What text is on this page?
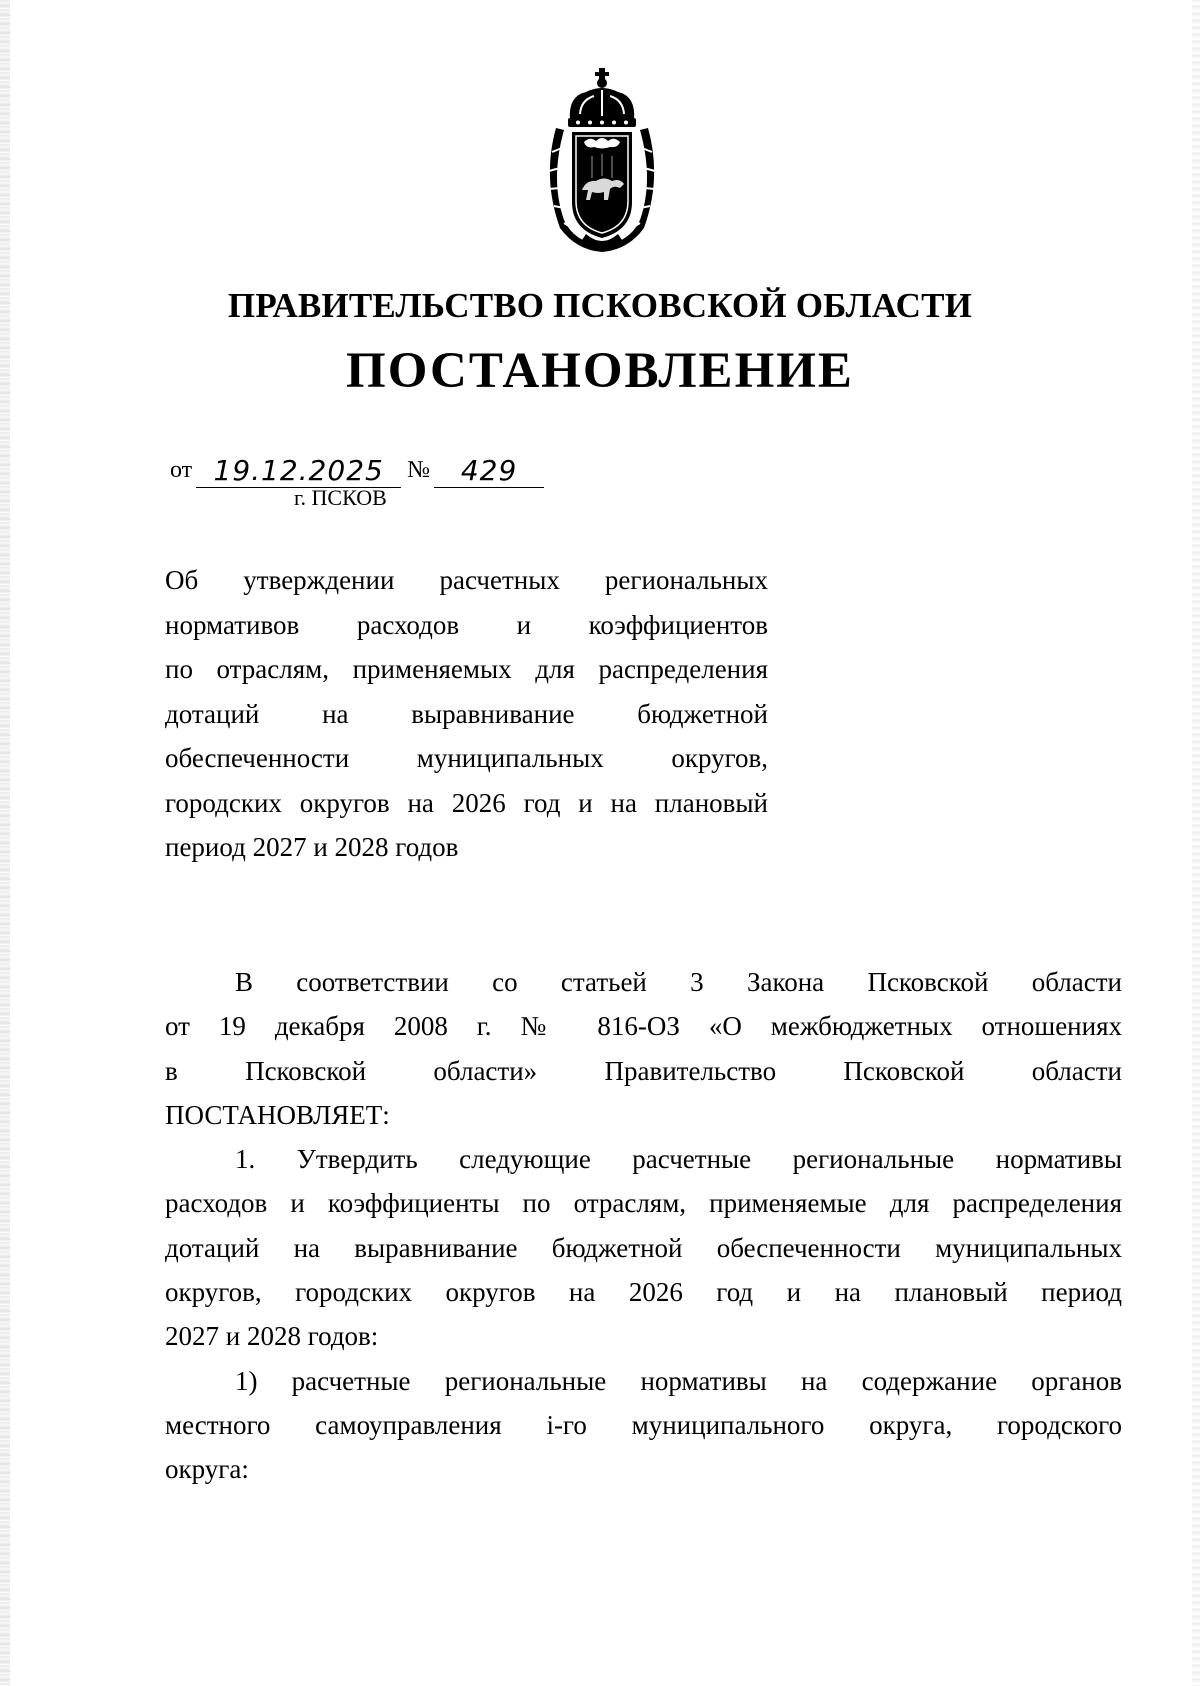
ПРАВИТЕЛЬСТВО ПСКОВСКОЙ ОБЛАСТИ
ПОСТАНОВЛЕНИЕ
от 19.12.2025 № 429
г. ПСКОВ
Об утверждении расчетных региональных
нормативов расходов и коэффициентов
по отраслям, применяемых для распределения
дотаций на выравнивание бюджетной
обеспеченности муниципальных округов,
городских округов на 2026 год и на плановый
период 2027 и 2028 годов
В соответствии со статьей 3 Закона Псковской области
от 19 декабря 2008 г. № 816-ОЗ «О межбюджетных отношениях
в Псковской области» Правительство Псковской области
ПОСТАНОВЛЯЕТ:
1. Утвердить следующие расчетные региональные нормативы
расходов и коэффициенты по отраслям, применяемые для распределения
дотаций на выравнивание бюджетной обеспеченности муниципальных
округов, городских округов на 2026 год и на плановый период
2027 и 2028 годов:
1) расчетные региональные нормативы на содержание органов
местного самоуправления i-го муниципального округа, городского
округа:
